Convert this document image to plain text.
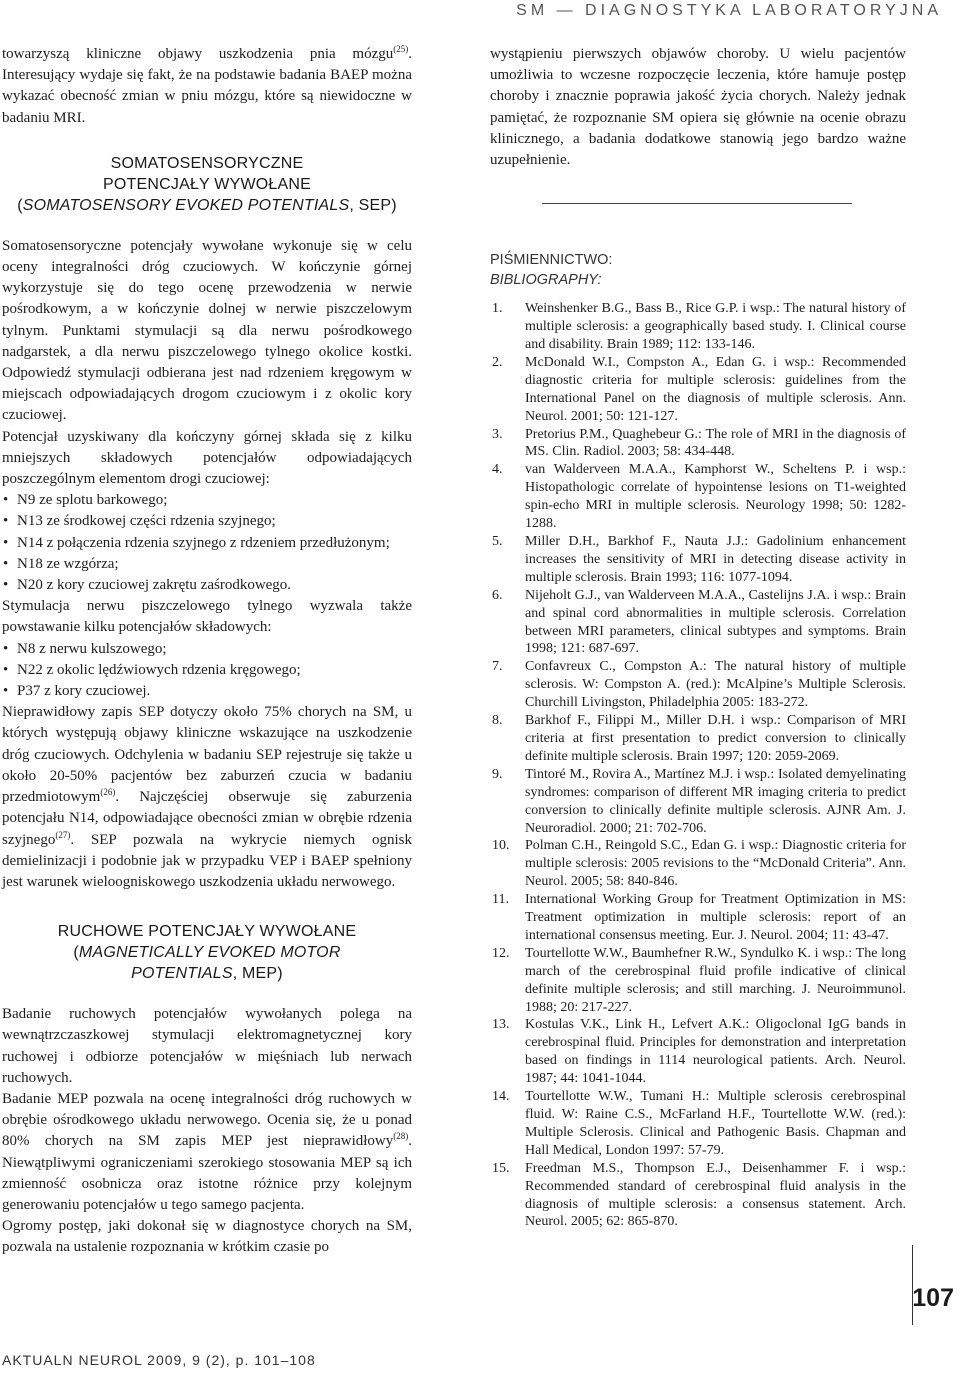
SM — DIAGNOSTYKA LABORATORYJNA

towarzyszą kliniczne objawy uszkodzenia pnia mózgu$^{(25)}$. Interesujący wydaje się fakt, że na podstawie badania BAEP można wykazać obecność zmian w pniu mózgu, które są niewidoczne w badaniu MRI.

SOMATOSENSORYCZNE
POTENCJAŁY WYWOŁANE
(SOMATOSENSORY EVOKED POTENTIALS, SEP)

Somatosensoryczne potencjały wywołane wykonuje się w celu oceny integralności dróg czuciowych. W kończynie górnej wykorzystuje się do tego ocenę przewodzenia w nerwie pośrodkowym, a w kończynie dolnej w nerwie piszczelowym tylnym. Punktami stymulacji są dla nerwu pośrodkowego nadgarstek, a dla nerwu piszczelowego tylnego okolice kostki. Odpowiedź stymulacji odbierana jest nad rdzeniem kręgowym w miejscach odpowiadających drogom czuciowym i z okolic kory czuciowej.

Potencjał uzyskiwany dla kończyny górnej składa się z kilku mniejszych składowych potencjałów odpowiadających poszczególnym elementom drogi czuciowej:

• N9 ze splotu barkowego;
• N13 ze środkowej części rdzenia szyjnego;
• N14 z połączenia rdzenia szyjnego z rdzeniem przedłużonym;
• N18 ze wzgórza;
• N20 z kory czuciowej zakrętu zaśrodkowego.

Stymulacja nerwu piszczelowego tylnego wyzwala także powstawanie kilku potencjałów składowych:

• N8 z nerwu kulszowego;
• N22 z okolic lędźwiowych rdzenia kręgowego;
• P37 z kory czuciowej.

Nieprawidłowy zapis SEP dotyczy około 75% chorych na SM, u których występują objawy kliniczne wskazujące na uszkodzenie dróg czuciowych. Odchylenia w badaniu SEP rejestruje się także u około 20-50% pacjentów bez zaburzeń czucia w badaniu przedmiotowym$^{(26)}$. Najczęściej obserwuje się zaburzenia potencjału N14, odpowiadające obecności zmian w obrębie rdzenia szyjnego$^{(27)}$. SEP pozwala na wykrycie niemych ognisk demielinizacji i podobnie jak w przypadku VEP i BAEP spełniony jest warunek wieloogniskowego uszkodzenia układu nerwowego.

RUCHOWE POTENCJAŁY WYWOŁANE
(MAGNETICALLY EVOKED MOTOR
POTENTIALS, MEP)

Badanie ruchowych potencjałów wywołanych polega na wewnątrzczaszkowej stymulacji elektromagnetycznej kory ruchowej i odbiorze potencjałów w mięśniach lub nerwach ruchowych.

Badanie MEP pozwala na ocenę integralności dróg ruchowych w obrębie ośrodkowego układu nerwowego. Ocenia się, że u ponad 80% chorych na SM zapis MEP jest nieprawidłowy$^{(28)}$. Niewątpliwymi ograniczeniami szerokiego stosowania MEP są ich zmienność osobnicza oraz istotne różnice przy kolejnym generowaniu potencjałów u tego samego pacjenta.

Ogromy postęp, jaki dokonał się w diagnostyce chorych na SM, pozwala na ustalenie rozpoznania w krótkim czasie po

wystąpieniu pierwszych objawów choroby. U wielu pacjentów umożliwia to wczesne rozpoczęcie leczenia, które hamuje postęp choroby i znacznie poprawia jakość życia chorych. Należy jednak pamiętać, że rozpoznanie SM opiera się głównie na ocenie obrazu klinicznego, a badania dodatkowe stanowią jego bardzo ważne uzupełnienie.

PIŚMIENNICTWO:
BIBLIOGRAPHY:
1. Weinshenker B.G., Bass B., Rice G.P. i wsp.: The natural history of multiple sclerosis: a geographically based study. I. Clinical course and disability. Brain 1989; 112: 133-146.
2. McDonald W.I., Compston A., Edan G. i wsp.: Recommended diagnostic criteria for multiple sclerosis: guidelines from the International Panel on the diagnosis of multiple sclerosis. Ann. Neurol. 2001; 50: 121-127.
3. Pretorius P.M., Quaghebeur G.: The role of MRI in the diagnosis of MS. Clin. Radiol. 2003; 58: 434-448.
4. van Walderveen M.A.A., Kamphorst W., Scheltens P. i wsp.: Histopathologic correlate of hypointense lesions on T1-weighted spin-echo MRI in multiple sclerosis. Neurology 1998; 50: 1282-1288.
5. Miller D.H., Barkhof F., Nauta J.J.: Gadolinium enhancement increases the sensitivity of MRI in detecting disease activity in multiple sclerosis. Brain 1993; 116: 1077-1094.
6. Nijeholt G.J., van Walderveen M.A.A., Castelijns J.A. i wsp.: Brain and spinal cord abnormalities in multiple sclerosis. Correlation between MRI parameters, clinical subtypes and symptoms. Brain 1998; 121: 687-697.
7. Confavreux C., Compston A.: The natural history of multiple sclerosis. W: Compston A. (red.): McAlpine’s Multiple Sclerosis. Churchill Livingston, Philadelphia 2005: 183-272.
8. Barkhof F., Filippi M., Miller D.H. i wsp.: Comparison of MRI criteria at first presentation to predict conversion to clinically definite multiple sclerosis. Brain 1997; 120: 2059-2069.
9. Tintoré M., Rovira A., Martínez M.J. i wsp.: Isolated demyelinating syndromes: comparison of different MR imaging criteria to predict conversion to clinically definite multiple sclerosis. AJNR Am. J. Neuroradiol. 2000; 21: 702-706.
10. Polman C.H., Reingold S.C., Edan G. i wsp.: Diagnostic criteria for multiple sclerosis: 2005 revisions to the “McDonald Criteria”. Ann. Neurol. 2005; 58: 840-846.
11. International Working Group for Treatment Optimization in MS: Treatment optimization in multiple sclerosis: report of an international consensus meeting. Eur. J. Neurol. 2004; 11: 43-47.
12. Tourtellotte W.W., Baumhefner R.W., Syndulko K. i wsp.: The long march of the cerebrospinal fluid profile indicative of clinical definite multiple sclerosis; and still marching. J. Neuroimmunol. 1988; 20: 217-227.
13. Kostulas V.K., Link H., Lefvert A.K.: Oligoclonal IgG bands in cerebrospinal fluid. Principles for demonstration and interpretation based on findings in 1114 neurological patients. Arch. Neurol. 1987; 44: 1041-1044.
14. Tourtellotte W.W., Tumani H.: Multiple sclerosis cerebrospinal fluid. W: Raine C.S., McFarland H.F., Tourtellotte W.W. (red.): Multiple Sclerosis. Clinical and Pathogenic Basis. Chapman and Hall Medical, London 1997: 57-79.
15. Freedman M.S., Thompson E.J., Deisenhammer F. i wsp.: Recommended standard of cerebrospinal fluid analysis in the diagnosis of multiple sclerosis: a consensus statement. Arch. Neurol. 2005; 62: 865-870.
107
AKTUALN NEUROL 2009, 9 (2), p. 101–108
